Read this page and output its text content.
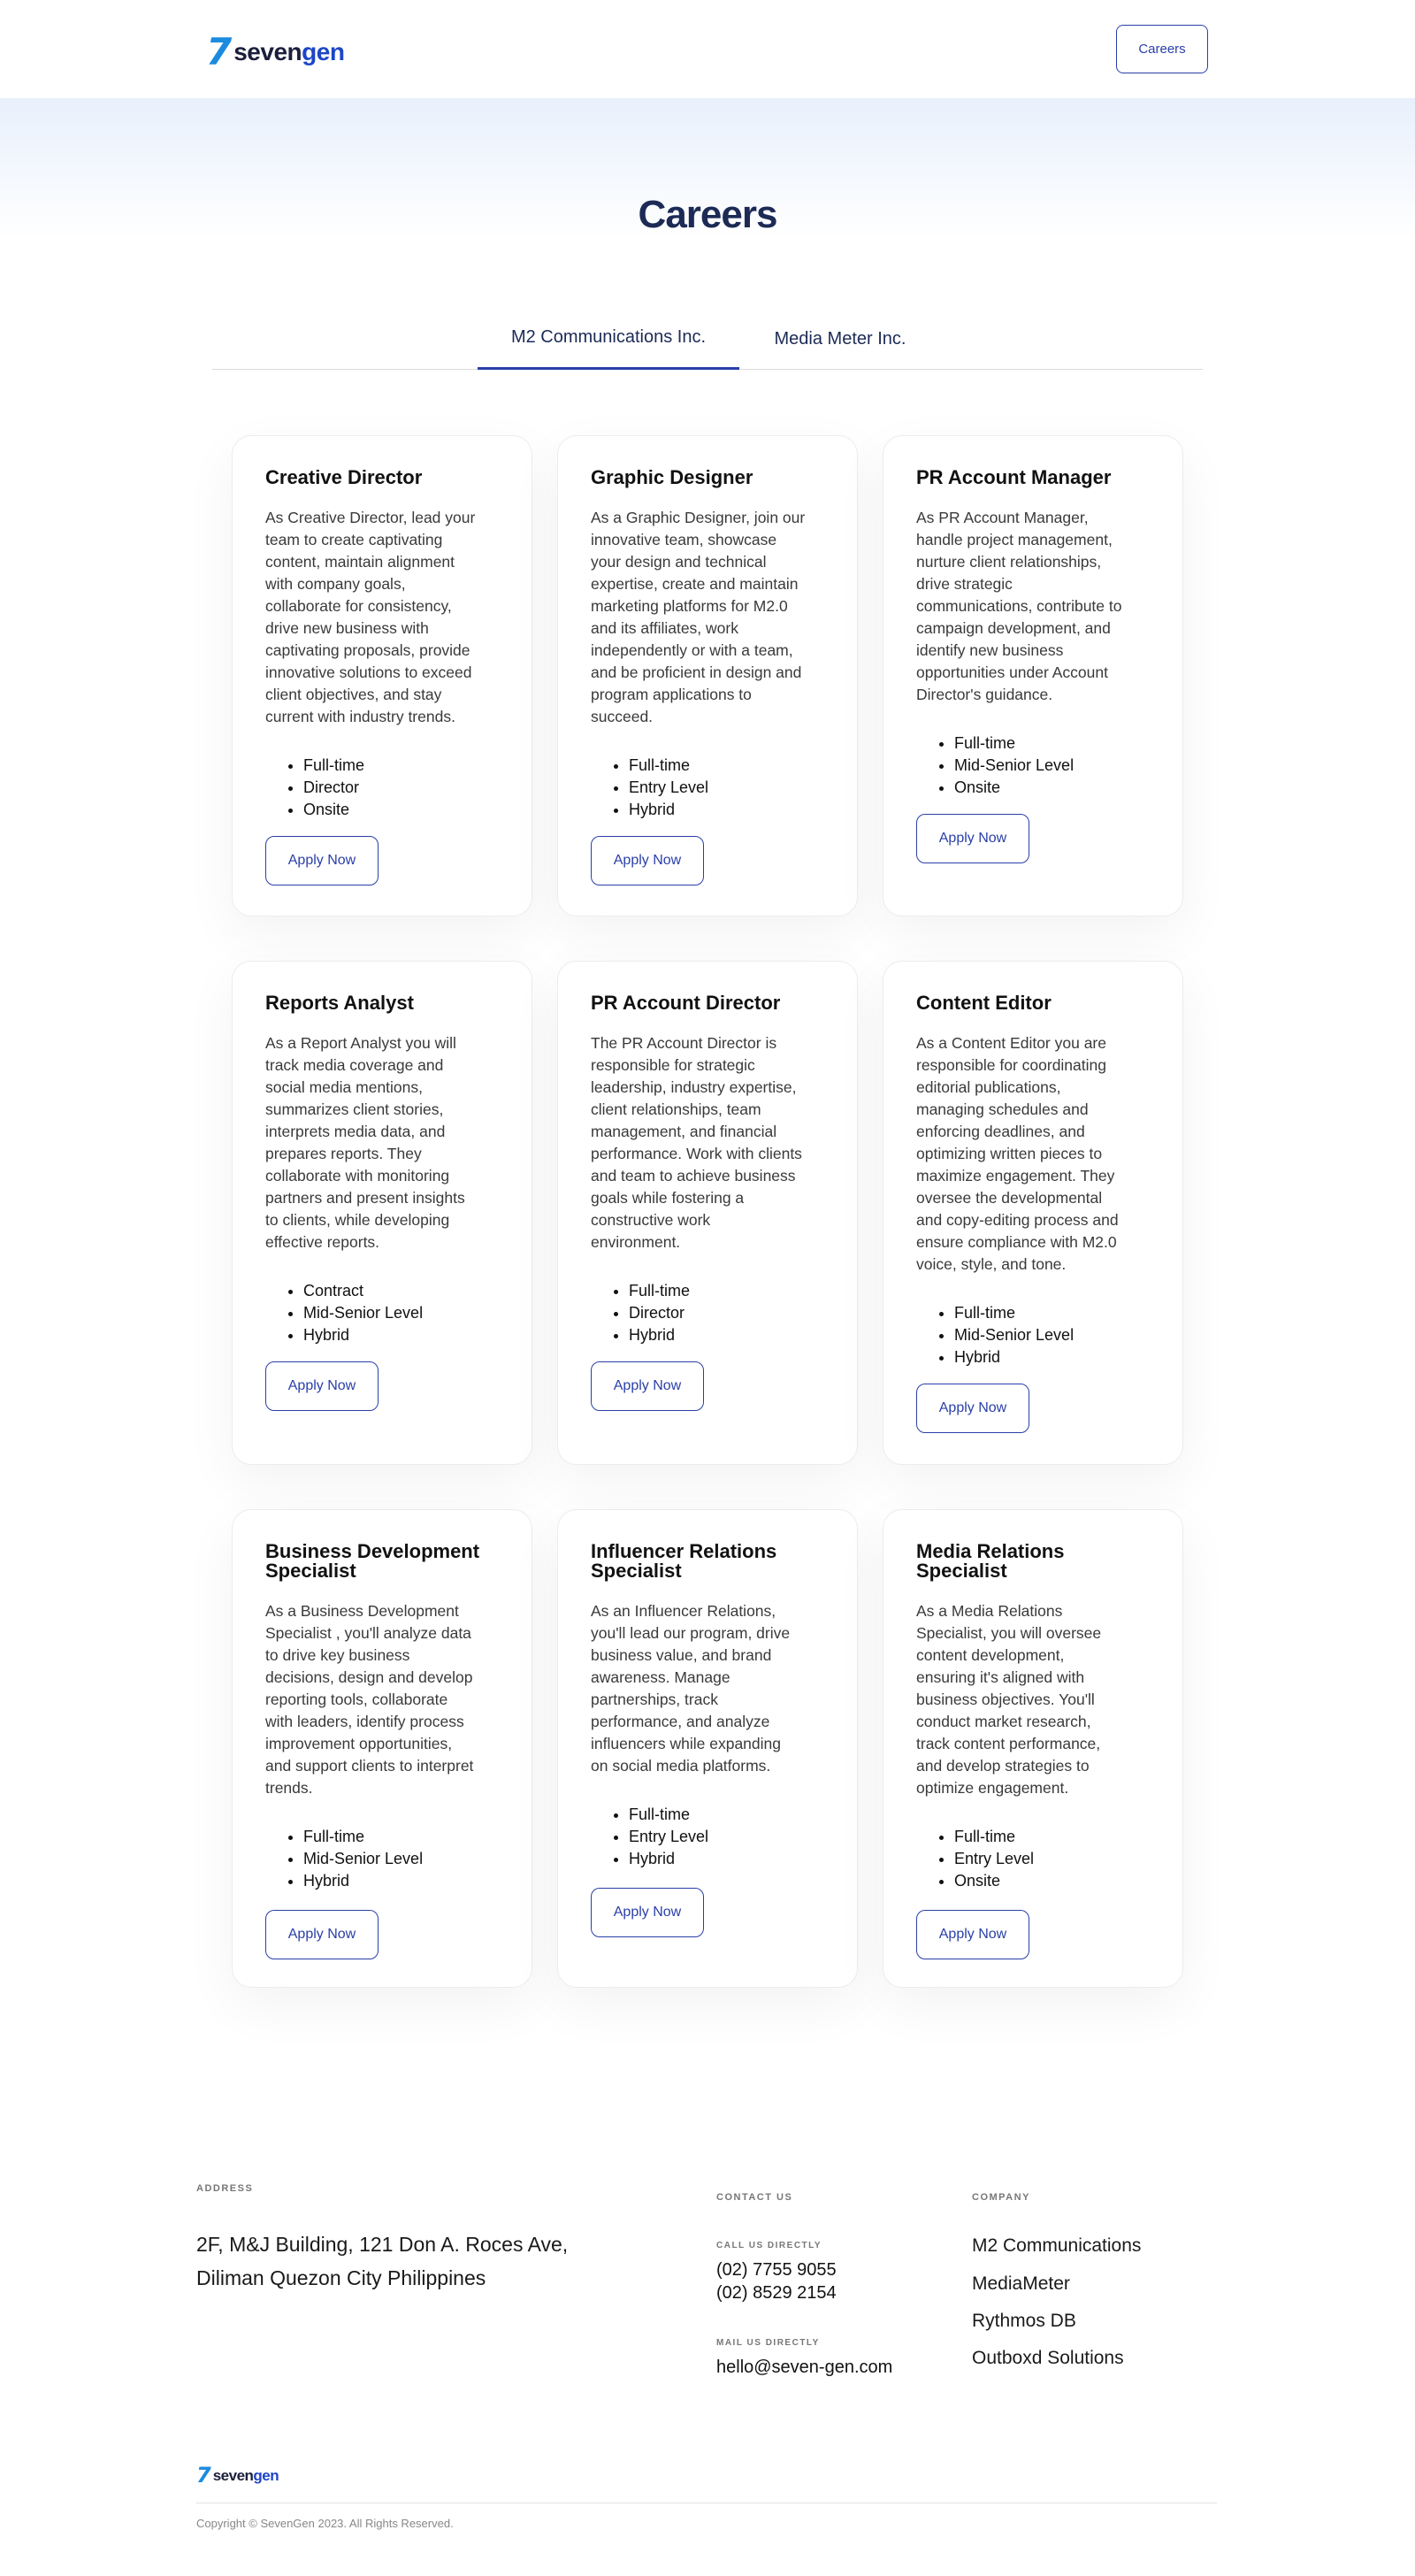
7 sevengen	Careers
Careers
M2 Communications Inc.	Media Meter Inc.
Creative Director
As Creative Director, lead your
team to create captivating
content, maintain alignment
with company goals,
collaborate for consistency,
drive new business with
captivating proposals, provide
innovative solutions to exceed
client objectives, and stay
current with industry trends.
• Full-time
• Director
• Onsite
Apply Now
Graphic Designer
As a Graphic Designer, join our
innovative team, showcase
your design and technical
expertise, create and maintain
marketing platforms for M2.0
and its affiliates, work
independently or with a team,
and be proficient in design and
program applications to
succeed.
• Full-time
• Entry Level
• Hybrid
Apply Now
PR Account Manager
As PR Account Manager,
handle project management,
nurture client relationships,
drive strategic
communications, contribute to
campaign development, and
identify new business
opportunities under Account
Director's guidance.
• Full-time
• Mid-Senior Level
• Onsite
Apply Now
Reports Analyst
As a Report Analyst you will
track media coverage and
social media mentions,
summarizes client stories,
interprets media data, and
prepares reports. They
collaborate with monitoring
partners and present insights
to clients, while developing
effective reports.
• Contract
• Mid-Senior Level
• Hybrid
Apply Now
PR Account Director
The PR Account Director is
responsible for strategic
leadership, industry expertise,
client relationships, team
management, and financial
performance. Work with clients
and team to achieve business
goals while fostering a
constructive work
environment.
• Full-time
• Director
• Hybrid
Apply Now
Content Editor
As a Content Editor you are
responsible for coordinating
editorial publications,
managing schedules and
enforcing deadlines, and
optimizing written pieces to
maximize engagement. They
oversee the developmental
and copy-editing process and
ensure compliance with M2.0
voice, style, and tone.
• Full-time
• Mid-Senior Level
• Hybrid
Apply Now
Business Development
Specialist
As a Business Development
Specialist , you'll analyze data
to drive key business
decisions, design and develop
reporting tools, collaborate
with leaders, identify process
improvement opportunities,
and support clients to interpret
trends.
• Full-time
• Mid-Senior Level
• Hybrid
Apply Now
Influencer Relations
Specialist
As an Influencer Relations,
you'll lead our program, drive
business value, and brand
awareness. Manage
partnerships, track
performance, and analyze
influencers while expanding
on social media platforms.
• Full-time
• Entry Level
• Hybrid
Apply Now
Media Relations
Specialist
As a Media Relations
Specialist, you will oversee
content development,
ensuring it's aligned with
business objectives. You'll
conduct market research,
track content performance,
and develop strategies to
optimize engagement.
• Full-time
• Entry Level
• Onsite
Apply Now
ADDRESS
2F, M&J Building, 121 Don A. Roces Ave,
Diliman Quezon City Philippines
CONTACT US
CALL US DIRECTLY
(02) 7755 9055
(02) 8529 2154
MAIL US DIRECTLY
hello@seven-gen.com
COMPANY
M2 Communications
MediaMeter
Rythmos DB
Outboxd Solutions
7 sevengen
Copyright © SevenGen 2023. All Rights Reserved.
